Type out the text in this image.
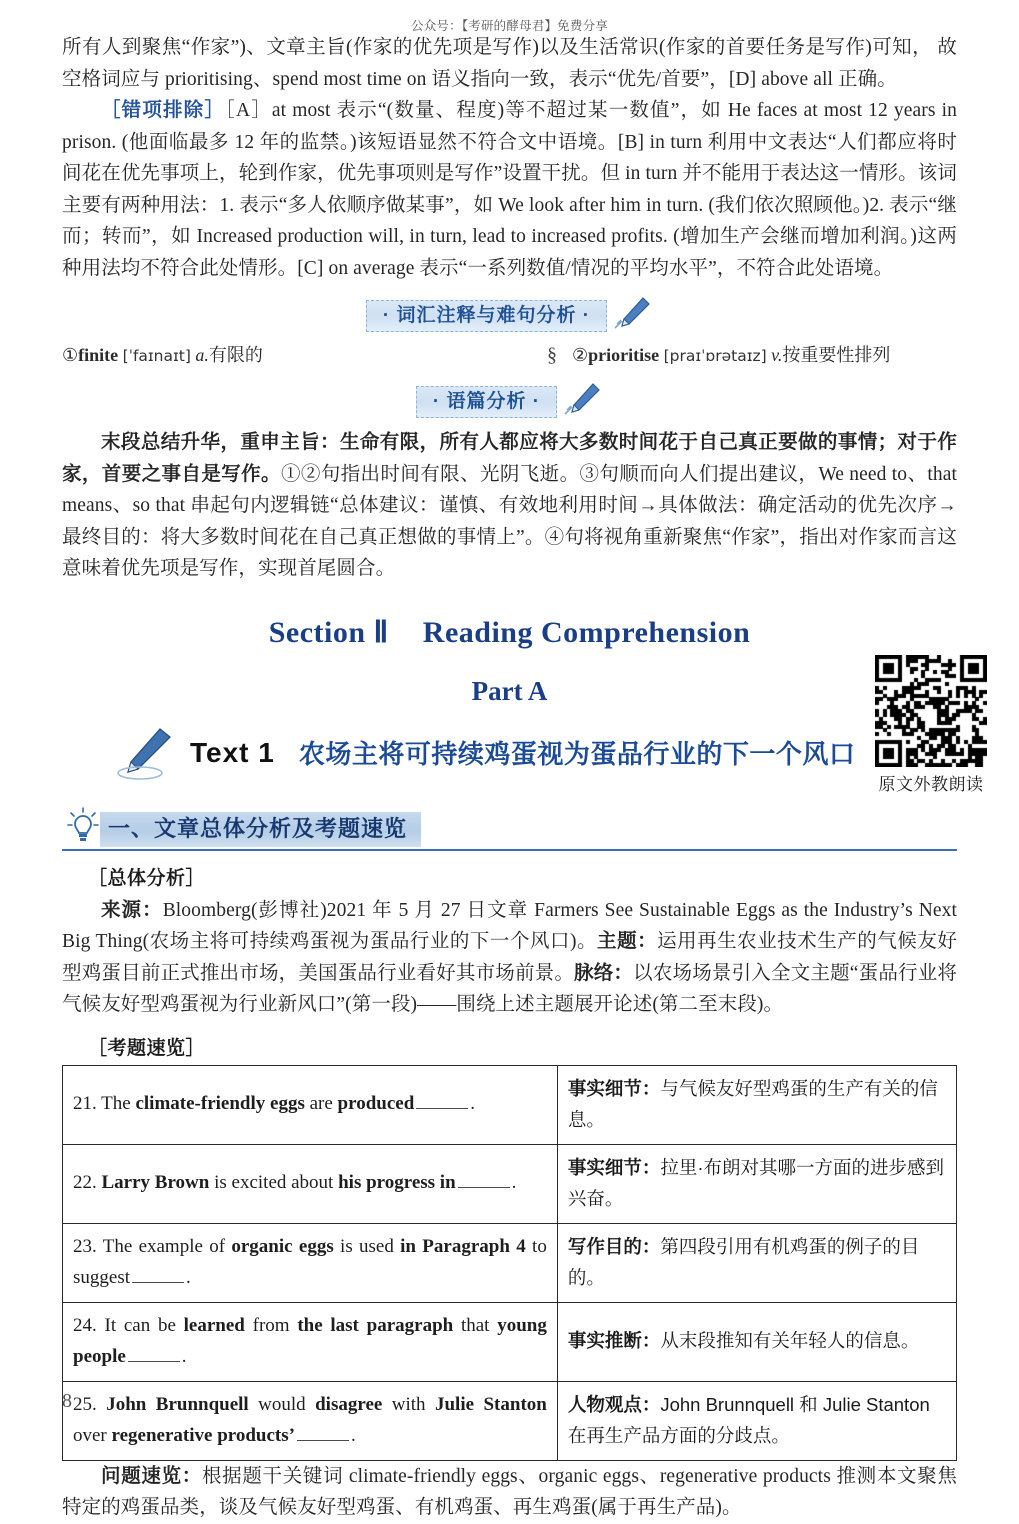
公众号：【考研的酵母君】免费分享

所有人到聚焦“作家”)、文章主旨(作家的优先项是写作)以及生活常识(作家的首要任务是写作)可知， 故空格词应与 prioritising、spend most time on 语义指向一致，表示“优先/首要”，[D] above all 正确。

［错项排除］［A］at most 表示“(数量、程度)等不超过某一数值”，如 He faces at most 12 years in prison. (他面临最多 12 年的监禁。)该短语显然不符合文中语境。[B] in turn 利用中文表达“人们都应将时间花在优先事项上，轮到作家，优先事项则是写作”设置干扰。但 in turn 并不能用于表达这一情形。该词主要有两种用法：1. 表示“多人依顺序做某事”，如 We look after him in turn. (我们依次照顾他。)2. 表示“继而；转而”，如 Increased production will, in turn, lead to increased profits. (增加生产会继而增加利润。)这两种用法均不符合此处情形。[C] on average 表示“一系列数值/情况的平均水平”，不符合此处语境。

· 词汇注释与难句分析 ·
①finite [ˈfaɪnaɪt] a.有限的	§ ②prioritise [praɪˈɒrətaɪz] v.按重要性排列
· 语篇分析 ·

末段总结升华，重申主旨：生命有限，所有人都应将大多数时间花于自己真正要做的事情；对于作家，首要之事自是写作。①②句指出时间有限、光阴飞逝。③句顺而向人们提出建议，We need to、that means、so that 串起句内逻辑链“总体建议：谨慎、有效地利用时间→具体做法：确定活动的优先次序→最终目的：将大多数时间花在自己真正想做的事情上”。④句将视角重新聚焦“作家”，指出对作家而言这意味着优先项是写作，实现首尾圆合。

Section Ⅱ Reading Comprehension
Part A
Text 1 农场主将可持续鸡蛋视为蛋品行业的下一个风口
一、文章总体分析及考题速览
［总体分析］

来源：Bloomberg(彭博社)2021 年 5 月 27 日文章 Farmers See Sustainable Eggs as the Industry’s Next Big Thing(农场主将可持续鸡蛋视为蛋品行业的下一个风口)。主题：运用再生农业技术生产的气候友好型鸡蛋目前正式推出市场，美国蛋品行业看好其市场前景。脉络：以农场场景引入全文主题“蛋品行业将气候友好型鸡蛋视为行业新风口”(第一段)——围绕上述主题展开论述(第二至末段)。

［考题速览］
21. The climate-friendly eggs are produced .	事实细节：与气候友好型鸡蛋的生产有关的信息。
22. Larry Brown is excited about his progress in .	事实细节：拉里·布朗对其哪一方面的进步感到兴奋。
23. The example of organic eggs is used in Paragraph 4 to suggest .	写作目的：第四段引用有机鸡蛋的例子的目的。
24. It can be learned from the last paragraph that young people .	事实推断：从末段推知有关年轻人的信息。
25. John Brunnquell would disagree with Julie Stanton over regenerative products’ .	人物观点：John Brunnquell 和 Julie Stanton 在再生产品方面的分歧点。

问题速览：根据题干关键词 climate-friendly eggs、organic eggs、regenerative products 推测本文聚焦特定的鸡蛋品类，谈及气候友好型鸡蛋、有机鸡蛋、再生鸡蛋(属于再生产品)。

原文外教朗读
8
